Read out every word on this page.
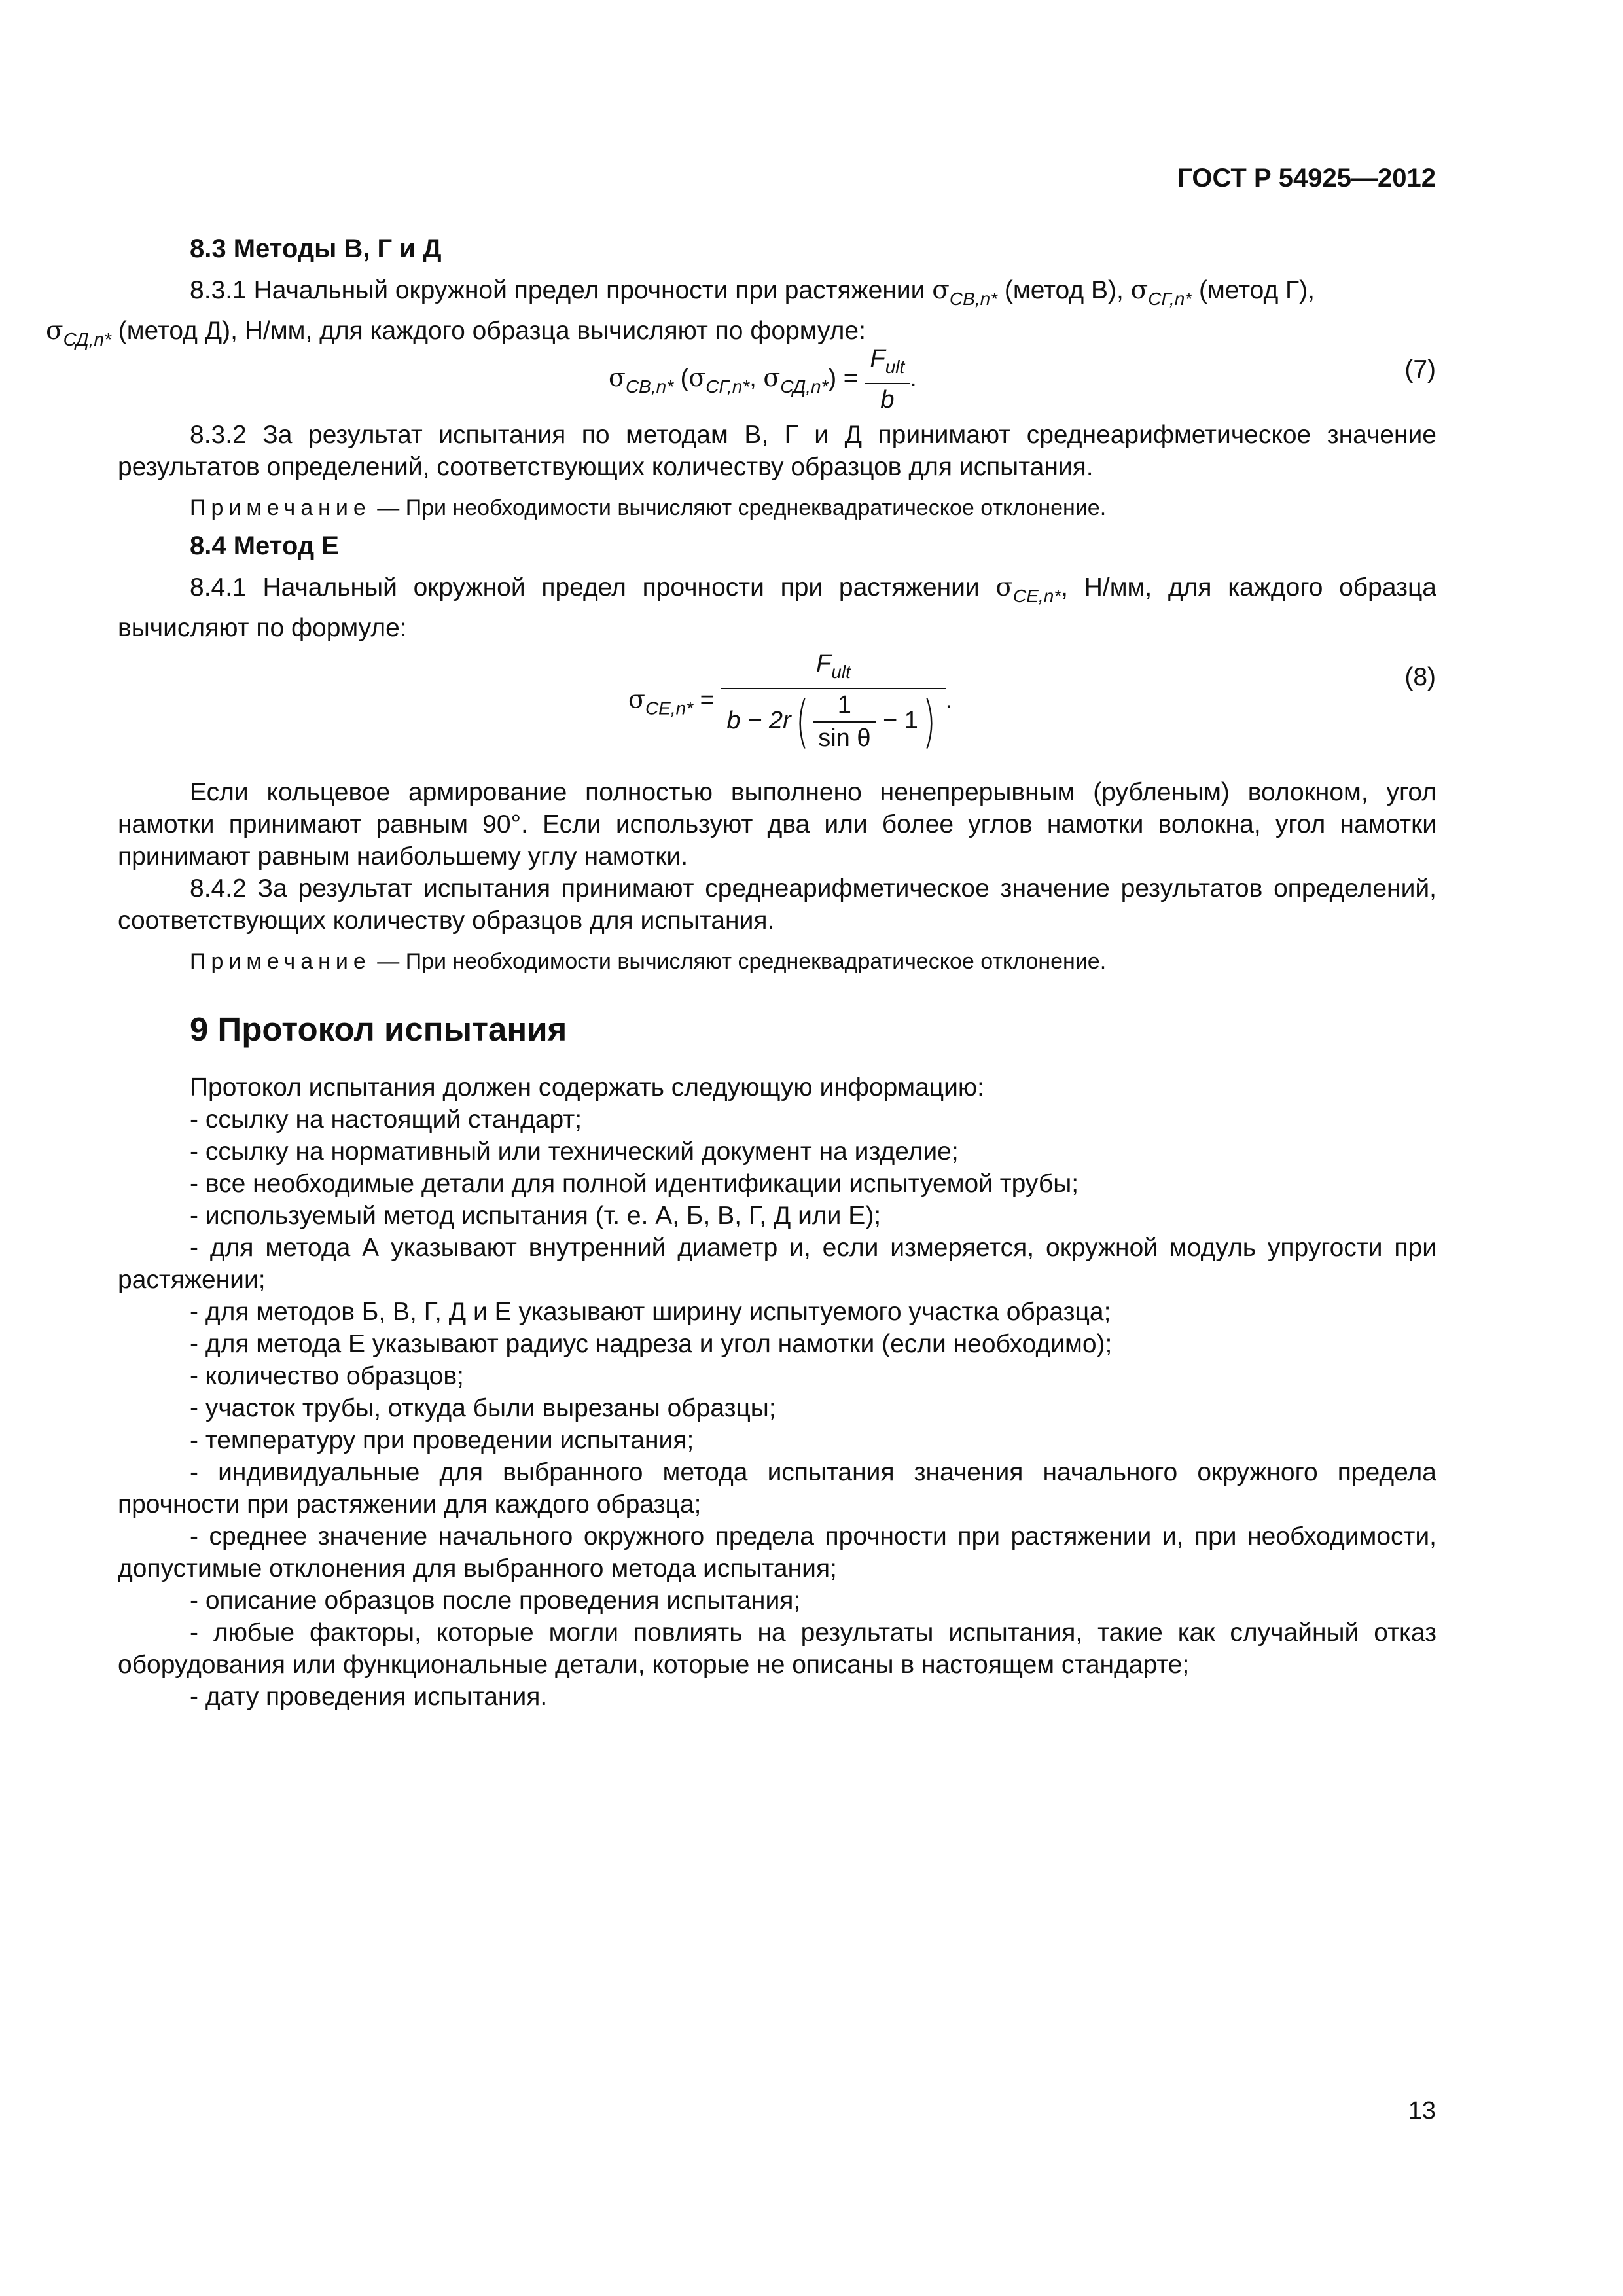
ГОСТ Р 54925—2012

8.3 Методы В, Г и Д

8.3.1 Начальный окружной предел прочности при растяжении $\sigma_{СВ,n*}$ (метод В), $\sigma_{СГ,n*}$ (метод Г),
$\sigma_{СД,n*}$ (метод Д), Н/мм, для каждого образца вычисляют по формуле:

$\sigma_{СВ,n*}$ ($\sigma_{СГ,n*}$, $\sigma_{СД,n*}) = \frac{F_{ult}}{b}$ .	(7)

8.3.2 За результат испытания по методам В, Г и Д принимают среднеарифметическое значение результатов определений, соответствующих количеству образцов для испытания.

Примечание — При необходимости вычисляют среднеквадратическое отклонение.

8.4 Метод Е

8.4.1 Начальный окружной предел прочности при растяжении $\sigma_{CE,n*}$, Н/мм, для каждого образца вычисляют по формуле:

$\sigma_{CE,n*} = \frac{F_{ult}}{b - 2r( \frac{1}{\text{sin θ}} - 1)}$ .
(8)

Если кольцевое армирование полностью выполнено ненепрерывным (рубленым) волокном, угол намотки принимают равным 90°. Если используют два или более углов намотки волокна, угол намотки принимают равным наибольшему углу намотки.

8.4.2 За результат испытания принимают среднеарифметическое значение результатов определений, соответствующих количеству образцов для испытания.

Примечание — При необходимости вычисляют среднеквадратическое отклонение.

9 Протокол испытания

Протокол испытания должен содержать следующую информацию:

- ссылку на настоящий стандарт;
- ссылку на нормативный или технический документ на изделие;
- все необходимые детали для полной идентификации испытуемой трубы;
- используемый метод испытания (т. е. А, Б, В, Г, Д или Е);
- для метода А указывают внутренний диаметр и, если измеряется, окружной модуль упругости при растяжении;
- для методов Б, В, Г, Д и Е указывают ширину испытуемого участка образца;
- для метода Е указывают радиус надреза и угол намотки (если необходимо);
- количество образцов;
- участок трубы, откуда были вырезаны образцы;
- температуру при проведении испытания;
- индивидуальные для выбранного метода испытания значения начального окружного предела прочности при растяжении для каждого образца;
- среднее значение начального окружного предела прочности при растяжении и, при необходимости, допустимые отклонения для выбранного метода испытания;
- описание образцов после проведения испытания;
- любые факторы, которые могли повлиять на результаты испытания, такие как случайный отказ оборудования или функциональные детали, которые не описаны в настоящем стандарте;
- дату проведения испытания.
13
